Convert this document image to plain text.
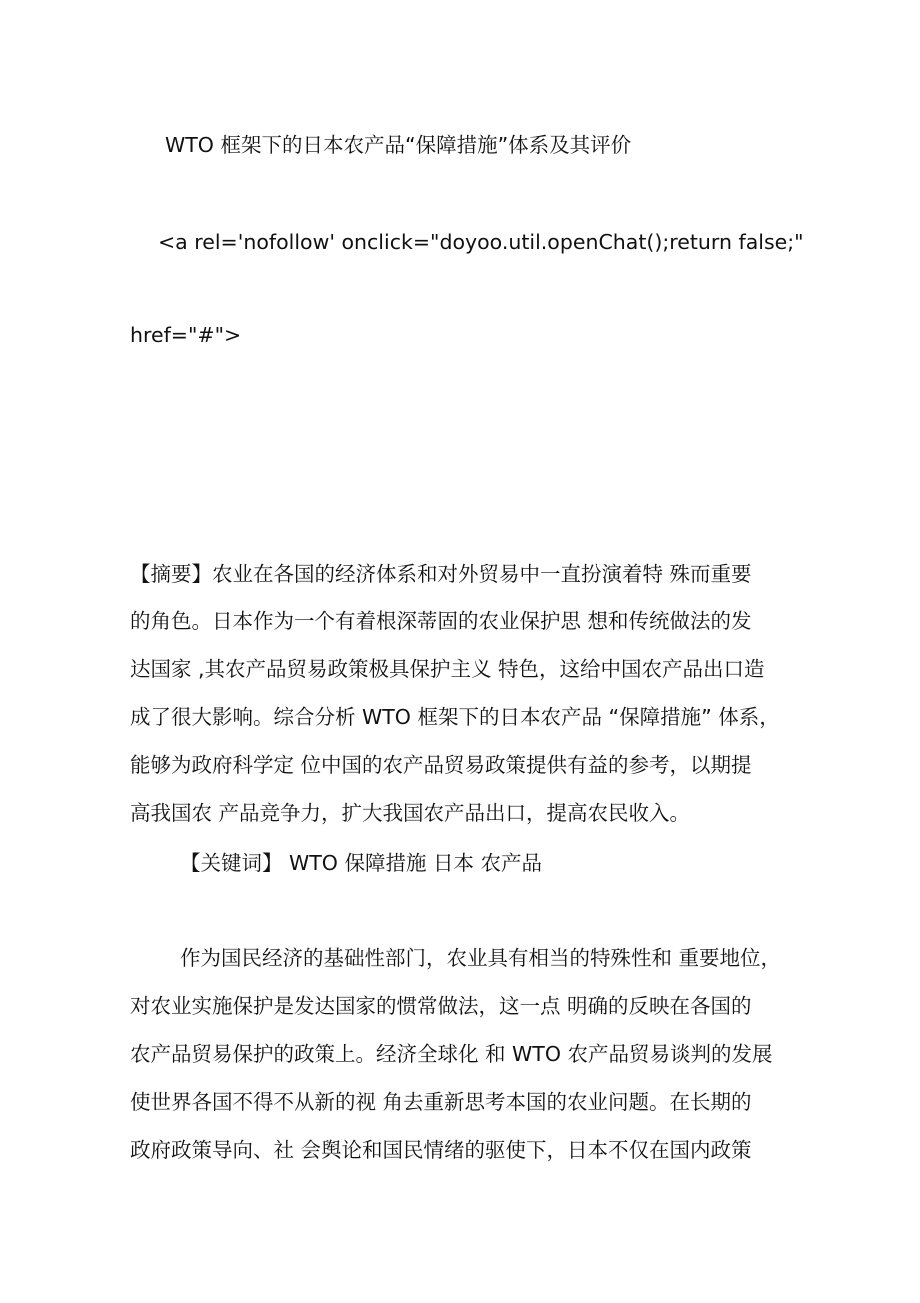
WTO 框架下的日本农产品“保障措施”体系及其评价
<a rel='nofollow' onclick="doyoo.util.openChat();return false;"
href="#">
【摘要】农业在各国的经济体系和对外贸易中一直扮演着特 殊而重要
的角色。日本作为一个有着根深蒂固的农业保护思 想和传统做法的发
达国家 ,其农产品贸易政策极具保护主义 特色，这给中国农产品出口造
成了很大影响。综合分析 WTO 框架下的日本农产品 “保障措施” 体系，
能够为政府科学定 位中国的农产品贸易政策提供有益的参考，以期提
高我国农 产品竞争力，扩大我国农产品出口，提高农民收入。
【关键词】 WTO 保障措施 日本 农产品
作为国民经济的基础性部门，农业具有相当的特殊性和 重要地位，
对农业实施保护是发达国家的惯常做法，这一点 明确的反映在各国的
农产品贸易保护的政策上。经济全球化 和 WTO 农产品贸易谈判的发展
使世界各国不得不从新的视 角去重新思考本国的农业问题。在长期的
政府政策导向、社 会舆论和国民情绪的驱使下，日本不仅在国内政策
